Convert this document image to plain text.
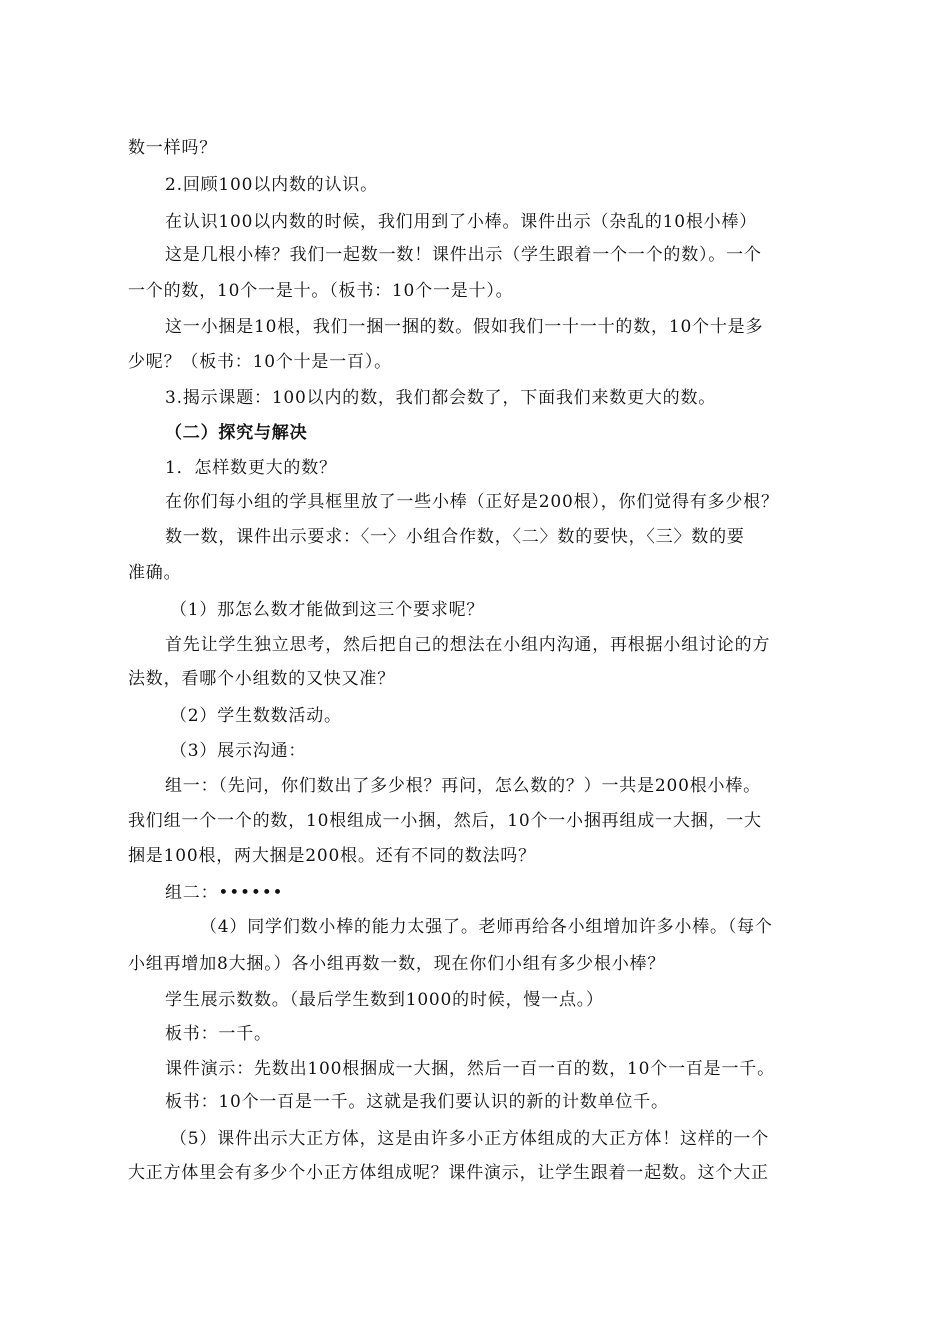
数一样吗？
2.回顾100以内数的认识。
在认识100以内数的时候，我们用到了小棒。课件出示（杂乱的10根小棒）
这是几根小棒？我们一起数一数！课件出示（学生跟着一个一个的数）。一个
一个的数，10个一是十。（板书：10个一是十）。
这一小捆是10根，我们一捆一捆的数。假如我们一十一十的数，10个十是多
少呢？（板书：10个十是一百）。
3.揭示课题：100以内的数，我们都会数了，下面我们来数更大的数。
（二）探究与解决
1．怎样数更大的数？
在你们每小组的学具框里放了一些小棒（正好是200根），你们觉得有多少根？
数一数，课件出示要求：〈一〉小组合作数，〈二〉数的要快，〈三〉数的要
准确。
（1）那怎么数才能做到这三个要求呢？
首先让学生独立思考，然后把自己的想法在小组内沟通，再根据小组讨论的方
法数，看哪个小组数的又快又准？
（2）学生数数活动。
（3）展示沟通：
组一：（先问，你们数出了多少根？再问，怎么数的？）一共是200根小棒。
我们组一个一个的数，10根组成一小捆，然后，10个一小捆再组成一大捆，一大
捆是100根，两大捆是200根。还有不同的数法吗？
组二：••••••
（4）同学们数小棒的能力太强了。老师再给各小组增加许多小棒。（每个
小组再增加8大捆。）各小组再数一数，现在你们小组有多少根小棒？
学生展示数数。（最后学生数到1000的时候，慢一点。）
板书：一千。
课件演示：先数出100根捆成一大捆，然后一百一百的数，10个一百是一千。
板书：10个一百是一千。这就是我们要认识的新的计数单位千。
（5）课件出示大正方体，这是由许多小正方体组成的大正方体！这样的一个
大正方体里会有多少个小正方体组成呢？课件演示，让学生跟着一起数。这个大正
